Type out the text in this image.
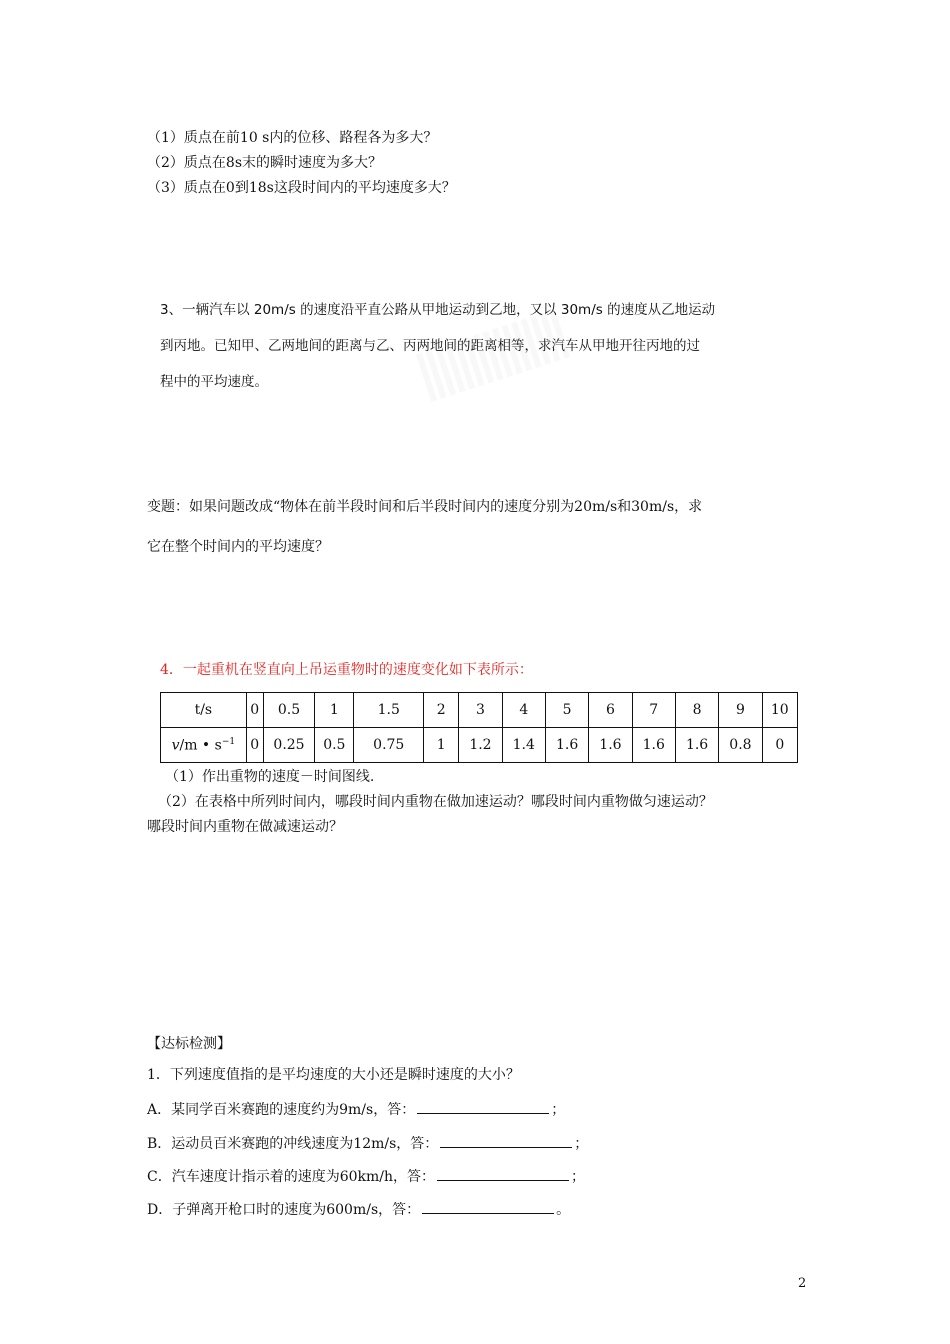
（1）质点在前10 s内的位移、路程各为多大？
（2）质点在8s末的瞬时速度为多大？
（3）质点在0到18s这段时间内的平均速度多大？
3、一辆汽车以 20m/s 的速度沿平直公路从甲地运动到乙地，又以 30m/s 的速度从乙地运动
到丙地。已知甲、乙两地间的距离与乙、丙两地间的距离相等，求汽车从甲地开往丙地的过
程中的平均速度。
变题：如果问题改成“物体在前半段时间和后半段时间内的速度分别为20m/s和30m/s，求
它在整个时间内的平均速度？
4．一起重机在竖直向上吊运重物时的速度变化如下表所示：
t/s	0	0.5	1	1.5	2	3	4	5	6	7	8	9	10
v/m • $s^{-1}$	0	0.25	0.5	0.75	1	1.2	1.4	1.6	1.6	1.6	1.6	0.8	0
（1）作出重物的速度－时间图线.
（2）在表格中所列时间内，哪段时间内重物在做加速运动？哪段时间内重物做匀速运动？
哪段时间内重物在做减速运动？
【达标检测】
1．下列速度值指的是平均速度的大小还是瞬时速度的大小？
A．某同学百米赛跑的速度约为9m/s，答：	；
B．运动员百米赛跑的冲线速度为12m/s，答：	；
C．汽车速度计指示着的速度为60km/h，答：	；
D．子弹离开枪口时的速度为600m/s，答：	。
2
